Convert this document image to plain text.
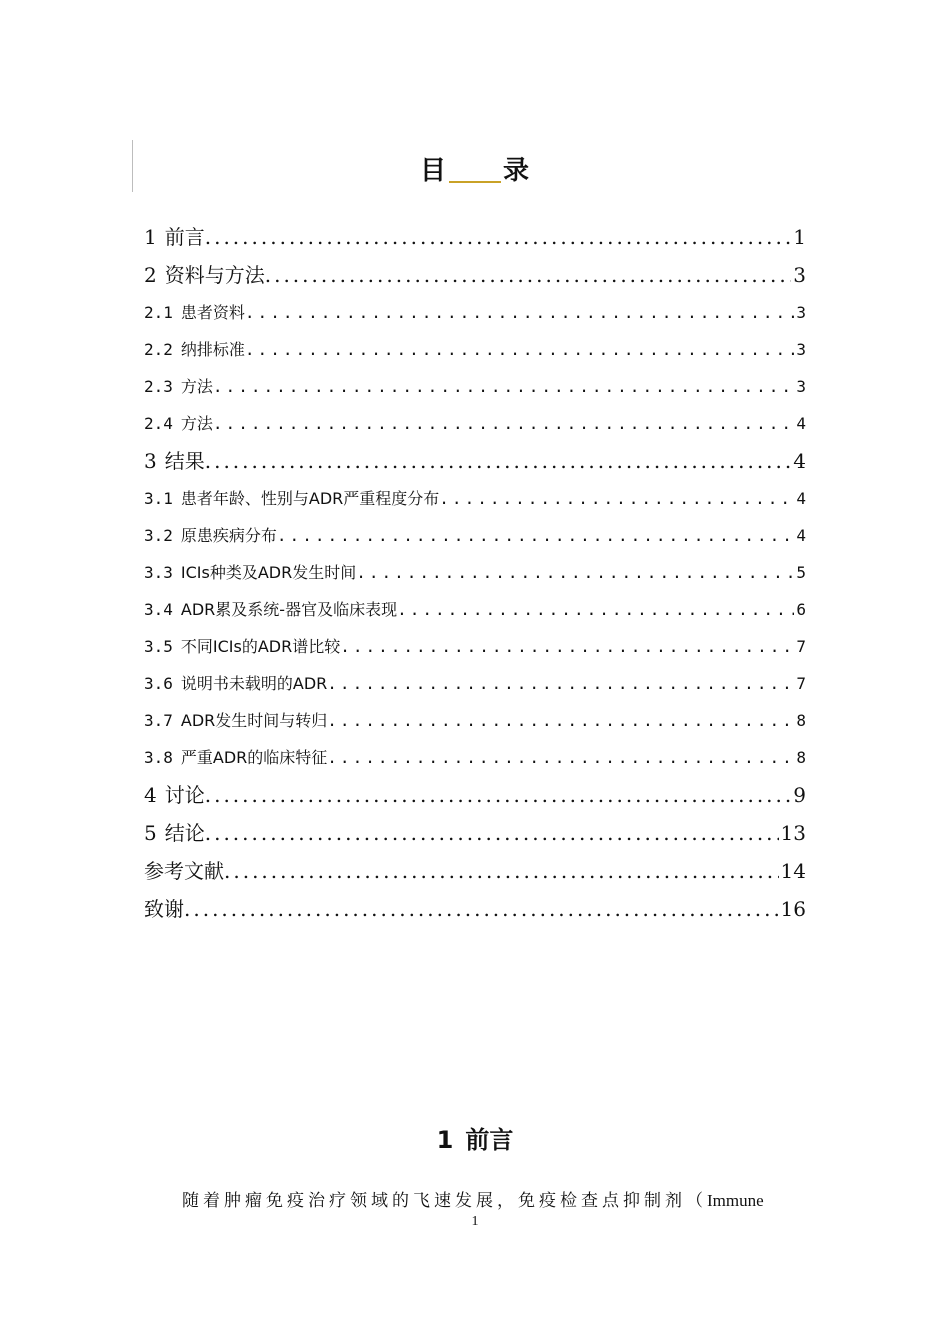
目 录
1 前言 .....	1
2 资料与方法 .....	3
2.1 患者资料 .....	3
2.2 纳排标准 .....	3
2.3 方法 .....	3
2.4 方法 .....	4
3 结果 .....	4
3.1 患者年龄、性别与ADR严重程度分布 .....	4
3.2 原患疾病分布 .....	4
3.3 ICIs种类及ADR发生时间 .....	5
3.4 ADR累及系统-器官及临床表现 .....	6
3.5 不同ICIs的ADR谱比较 .....	7
3.6 说明书未载明的ADR .....	7
3.7 ADR发生时间与转归 .....	8
3.8 严重ADR的临床特征 .....	8
4 讨论 .....	9
5 结论 .....	13
参考文献 .....	14
致谢 .....	16
1 前言
随着肿瘤免疫治疗领域的飞速发展，免疫检查点抑制剂（Immune
1
